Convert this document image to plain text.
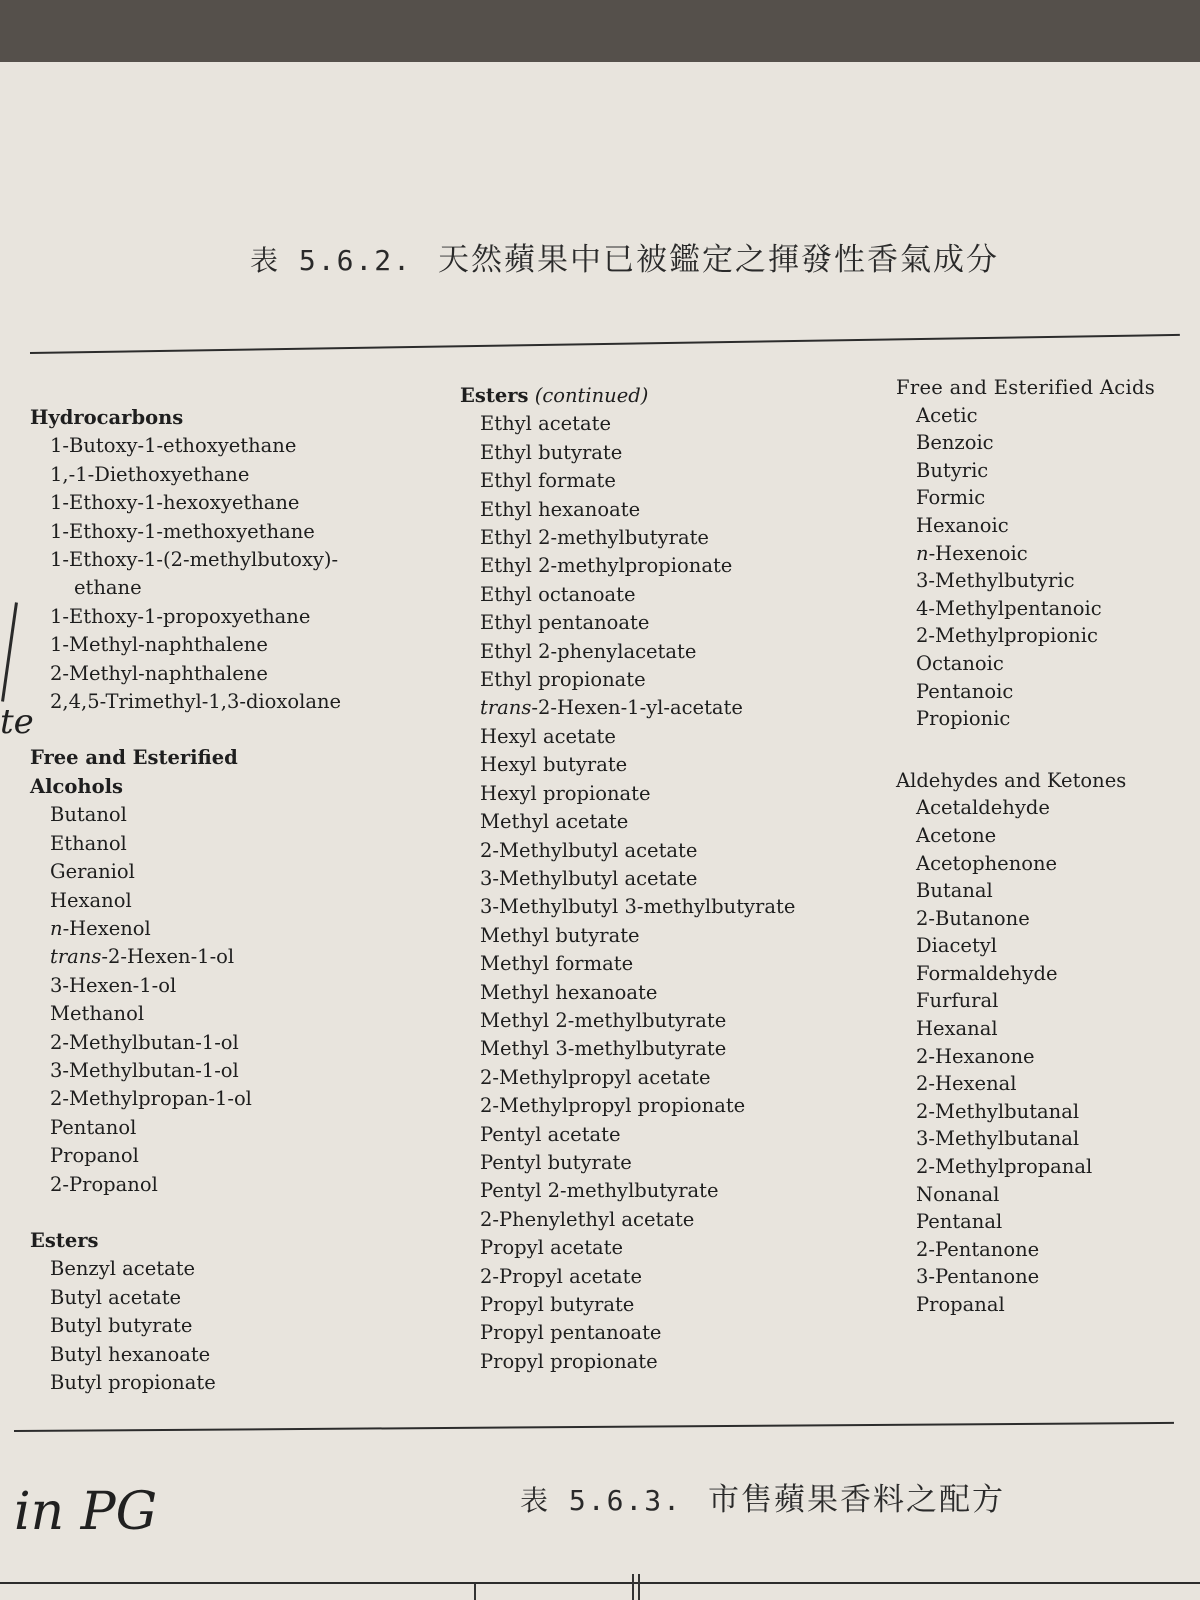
表 5.6.2. 天然蘋果中已被鑑定之揮發性香氣成分
Hydrocarbons
1-Butoxy-1-ethoxyethane
1,-1-Diethoxyethane
1-Ethoxy-1-hexoxyethane
1-Ethoxy-1-methoxyethane
1-Ethoxy-1-(2-methylbutoxy)-
ethane
1-Ethoxy-1-propoxyethane
1-Methyl-naphthalene
2-Methyl-naphthalene
2,4,5-Trimethyl-1,3-dioxolane
Free and Esterified
Alcohols
Butanol
Ethanol
Geraniol
Hexanol
n-Hexenol
trans-2-Hexen-1-ol
3-Hexen-1-ol
Methanol
2-Methylbutan-1-ol
3-Methylbutan-1-ol
2-Methylpropan-1-ol
Pentanol
Propanol
2-Propanol
Esters
Benzyl acetate
Butyl acetate
Butyl butyrate
Butyl hexanoate
Butyl propionate
Esters (continued)
Ethyl acetate
Ethyl butyrate
Ethyl formate
Ethyl hexanoate
Ethyl 2-methylbutyrate
Ethyl 2-methylpropionate
Ethyl octanoate
Ethyl pentanoate
Ethyl 2-phenylacetate
Ethyl propionate
trans-2-Hexen-1-yl-acetate
Hexyl acetate
Hexyl butyrate
Hexyl propionate
Methyl acetate
2-Methylbutyl acetate
3-Methylbutyl acetate
3-Methylbutyl 3-methylbutyrate
Methyl butyrate
Methyl formate
Methyl hexanoate
Methyl 2-methylbutyrate
Methyl 3-methylbutyrate
2-Methylpropyl acetate
2-Methylpropyl propionate
Pentyl acetate
Pentyl butyrate
Pentyl 2-methylbutyrate
2-Phenylethyl acetate
Propyl acetate
2-Propyl acetate
Propyl butyrate
Propyl pentanoate
Propyl propionate
Free and Esterified Acids
Acetic
Benzoic
Butyric
Formic
Hexanoic
n-Hexenoic
3-Methylbutyric
4-Methylpentanoic
2-Methylpropionic
Octanoic
Pentanoic
Propionic
Aldehydes and Ketones
Acetaldehyde
Acetone
Acetophenone
Butanal
2-Butanone
Diacetyl
Formaldehyde
Furfural
Hexanal
2-Hexanone
2-Hexenal
2-Methylbutanal
3-Methylbutanal
2-Methylpropanal
Nonanal
Pentanal
2-Pentanone
3-Pentanone
Propanal
te
in PG	表 5.6.3. 市售蘋果香料之配方
